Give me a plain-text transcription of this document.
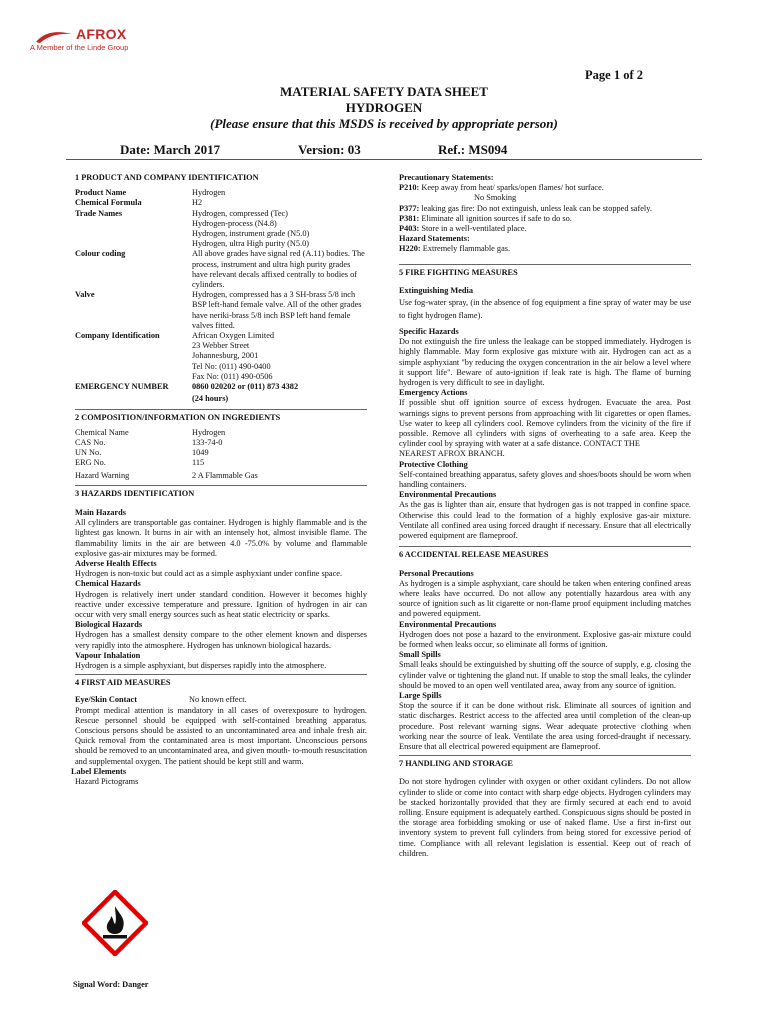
AFROX
A Member of the Linde Group
Page 1 of 2
MATERIAL SAFETY DATA SHEET
HYDROGEN
(Please ensure that this MSDS is received by appropriate person)
Date: March 2017	Version: 03	Ref.: MS094
1 PRODUCT AND COMPANY IDENTIFICATION
Product Name	Hydrogen
Chemical Formula	H2
Trade Names	Hydrogen, compressed (Tec)
Hydrogen-process (N4.8)
Hydrogen, instrument grade (N5.0)
Hydrogen, ultra High purity (N5.0)
Colour coding	All above grades have signal red (A.11) bodies. The process, instrument and ultra high purity grades have relevant decals affixed centrally to bodies of cylinders.
Valve	Hydrogen, compressed has a 3 SH-brass 5/8 inch BSP left-hand female valve. All of the other grades have neriki-brass 5/8 inch BSP left hand female valves fitted.
Company Identification	African Oxygen Limited
23 Webber Street
Johannesburg, 2001
Tel No: (011) 490-0400
Fax No: (011) 490-0506
EMERGENCY NUMBER	0860 020202 or (011) 873 4382
(24 hours)
2 COMPOSITION/INFORMATION ON INGREDIENTS
Chemical Name	Hydrogen
CAS No.	133-74-0
UN No.	1049
ERG No.	115
Hazard Warning	2 A Flammable Gas
3 HAZARDS IDENTIFICATION
Main Hazards

All cylinders are transportable gas container. Hydrogen is highly flammable and is the lightest gas known. It burns in air with an intensely hot, almost invisible flame. The flammability limits in the air are between 4.0 -75.0% by volume and flammable explosive gas-air mixtures may be formed.

Adverse Health Effects

Hydrogen is non-toxic but could act as a simple asphyxiant under confine space.

Chemical Hazards

Hydrogen is relatively inert under standard condition. However it becomes highly reactive under excessive temperature and pressure. Ignition of hydrogen in air can occur with very small energy sources such as heat static electricity or sparks.

Biological Hazards

Hydrogen has a smallest density compare to the other element known and disperses very rapidly into the atmosphere. Hydrogen has unknown biological hazards.

Vapour Inhalation

Hydrogen is a simple asphyxiant, but disperses rapidly into the atmosphere.

4 FIRST AID MEASURES
Eye/Skin Contact	No known effect.

Prompt medical attention is mandatory in all cases of overexposure to hydrogen. Rescue personnel should be equipped with self-contained breathing apparatus. Conscious persons should be assisted to an uncontaminated area and inhale fresh air. Quick removal from the contaminated area is most important. Unconscious persons should be removed to an uncontaminated area, and given mouth- to-mouth resuscitation and supplemental oxygen. The patient should be kept still and warm.

Label Elements
Hazard Pictograms
Signal Word: Danger
Precautionary Statements:
P210: Keep away from heat/ sparks/open flames/ hot surface.
No Smoking
P377: leaking gas fire: Do not extinguish, unless leak can be stopped safely.
P381: Eliminate all ignition sources if safe to do so.
P403: Store in a well-ventilated place.
Hazard Statements:
H220: Extremely flammable gas.
5 FIRE FIGHTING MEASURES
Extinguishing Media

Use fog-water spray, (in the absence of fog equipment a fine spray of water may be use to fight hydrogen flame).

Specific Hazards

Do not extinguish the fire unless the leakage can be stopped immediately. Hydrogen is highly flammable. May form explosive gas mixture with air. Hydrogen can act as a simple asphyxiant "by reducing the oxygen concentration in the air below a level where it support life". Beware of auto-ignition if leak rate is high. The flame of burning hydrogen is very difficult to see in daylight.

Emergency Actions

If possible shut off ignition source of excess hydrogen. Evacuate the area. Post warnings signs to prevent persons from approaching with lit cigarettes or open flames. Use water to keep all cylinders cool. Remove cylinders from the vicinity of the fire if possible. Remove all cylinders with signs of overheating to a safe area. Keep the cylinder cool by spraying with water at a safe distance. CONTACT THE

NEAREST AFROX BRANCH.
Protective Clothing

Self-contained breathing apparatus, safety gloves and shoes/boots should be worn when handling containers.

Environmental Precautions

As the gas is lighter than air, ensure that hydrogen gas is not trapped in confine space. Otherwise this could lead to the formation of a highly explosive gas-air mixture. Ventilate all confined area using forced draught if necessary. Ensure that all electrically powered equipment are flameproof.

6 ACCIDENTAL RELEASE MEASURES
Personal Precautions

As hydrogen is a simple asphyxiant, care should be taken when entering confined areas where leaks have occurred. Do not allow any potentially hazardous area with any source of ignition such as lit cigarette or non-flame proof equipment including matches and powered equipment.

Environmental Precautions

Hydrogen does not pose a hazard to the environment. Explosive gas-air mixture could be formed when leaks occur, so eliminate all forms of ignition.

Small Spills

Small leaks should be extinguished by shutting off the source of supply, e.g. closing the cylinder valve or tightening the gland nut. If unable to stop the small leaks, the cylinder should be moved to an open well ventilated area, away from any source of ignition.

Large Spills

Stop the source if it can be done without risk. Eliminate all sources of ignition and static discharges. Restrict access to the affected area until completion of the clean-up procedure. Post relevant warning signs. Wear adequate protective clothing when working near the source of leak. Ventilate the area using forced-draught if necessary. Ensure that all electrical powered equipment are flameproof.

7 HANDLING AND STORAGE

Do not store hydrogen cylinder with oxygen or other oxidant cylinders. Do not allow cylinder to slide or come into contact with sharp edge objects. Hydrogen cylinders may be stacked horizontally provided that they are firmly secured at each end to avoid rolling. Ensure equipment is adequately earthed. Conspicuous signs should be posted in the storage area forbidding smoking or use of naked flame. Use a first in-first out inventory system to prevent full cylinders from being stored for excessive period of time. Compliance with all relevant legislation is essential. Keep out of reach of children.
